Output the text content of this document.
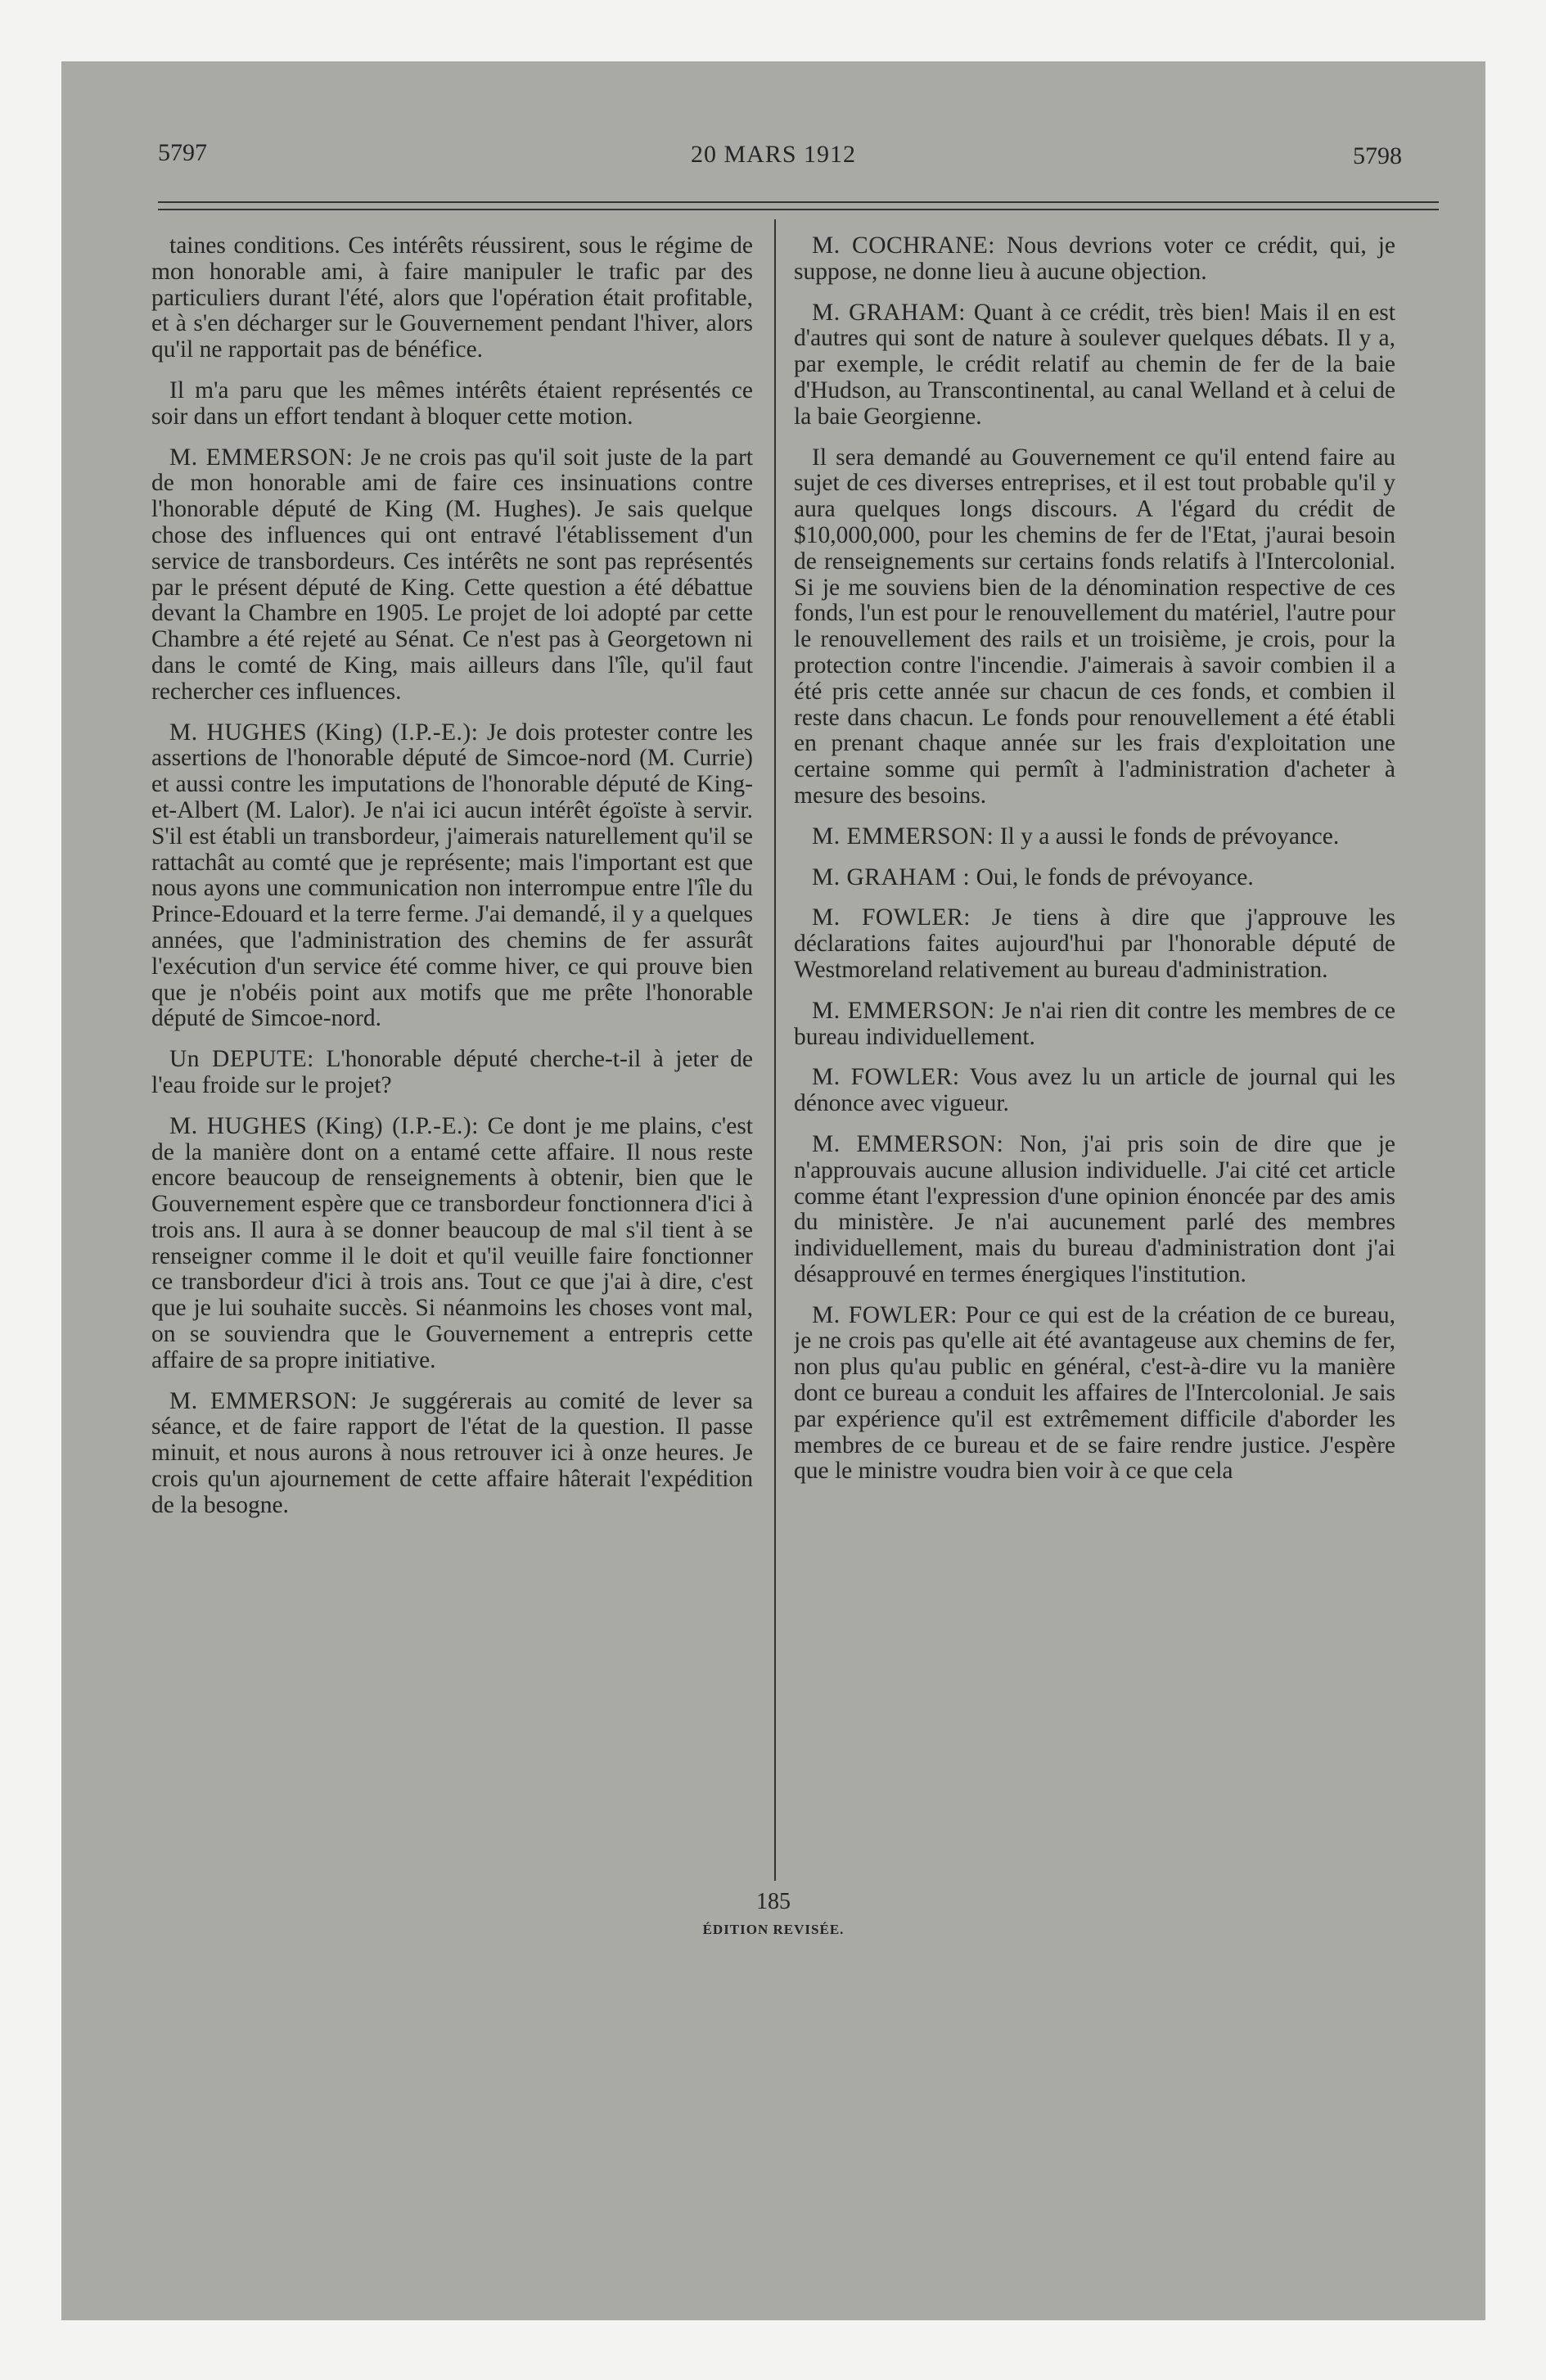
5797	20 MARS 1912	5798

taines conditions. Ces intérêts réussirent, sous le régime de mon honorable ami, à faire manipuler le trafic par des particuliers durant l'été, alors que l'opération était profitable, et à s'en décharger sur le Gouvernement pendant l'hiver, alors qu'il ne rapportait pas de bénéfice.

Il m'a paru que les mêmes intérêts étaient représentés ce soir dans un effort tendant à bloquer cette motion.

M. EMMERSON: Je ne crois pas qu'il soit juste de la part de mon honorable ami de faire ces insinuations contre l'honorable député de King (M. Hughes). Je sais quelque chose des influences qui ont entravé l'établissement d'un service de transbordeurs. Ces intérêts ne sont pas représentés par le présent député de King. Cette question a été débattue devant la Chambre en 1905. Le projet de loi adopté par cette Chambre a été rejeté au Sénat. Ce n'est pas à Georgetown ni dans le comté de King, mais ailleurs dans l'île, qu'il faut rechercher ces influences.

M. HUGHES (King) (I.P.-E.): Je dois protester contre les assertions de l'honorable député de Simcoe-nord (M. Currie) et aussi contre les imputations de l'honorable député de King-et-Albert (M. Lalor). Je n'ai ici aucun intérêt égoïste à servir. S'il est établi un transbordeur, j'aimerais naturellement qu'il se rattachât au comté que je représente; mais l'important est que nous ayons une communication non interrompue entre l'île du Prince-Edouard et la terre ferme. J'ai demandé, il y a quelques années, que l'administration des chemins de fer assurât l'exécution d'un service été comme hiver, ce qui prouve bien que je n'obéis point aux motifs que me prête l'honorable député de Simcoe-nord.

Un DEPUTE: L'honorable député cherche-t-il à jeter de l'eau froide sur le projet?

M. HUGHES (King) (I.P.-E.): Ce dont je me plains, c'est de la manière dont on a entamé cette affaire. Il nous reste encore beaucoup de renseignements à obtenir, bien que le Gouvernement espère que ce transbordeur fonctionnera d'ici à trois ans. Il aura à se donner beaucoup de mal s'il tient à se renseigner comme il le doit et qu'il veuille faire fonctionner ce transbordeur d'ici à trois ans. Tout ce que j'ai à dire, c'est que je lui souhaite succès. Si néanmoins les choses vont mal, on se souviendra que le Gouvernement a entrepris cette affaire de sa propre initiative.

M. EMMERSON: Je suggérerais au comité de lever sa séance, et de faire rapport de l'état de la question. Il passe minuit, et nous aurons à nous retrouver ici à onze heures. Je crois qu'un ajournement de cette affaire hâterait l'expédition de la besogne.

M. COCHRANE: Nous devrions voter ce crédit, qui, je suppose, ne donne lieu à aucune objection.

M. GRAHAM: Quant à ce crédit, très bien! Mais il en est d'autres qui sont de nature à soulever quelques débats. Il y a, par exemple, le crédit relatif au chemin de fer de la baie d'Hudson, au Transcontinental, au canal Welland et à celui de la baie Georgienne.

Il sera demandé au Gouvernement ce qu'il entend faire au sujet de ces diverses entreprises, et il est tout probable qu'il y aura quelques longs discours. A l'égard du crédit de $10,000,000, pour les chemins de fer de l'Etat, j'aurai besoin de renseignements sur certains fonds relatifs à l'Intercolonial. Si je me souviens bien de la dénomination respective de ces fonds, l'un est pour le renouvellement du matériel, l'autre pour le renouvellement des rails et un troisième, je crois, pour la protection contre l'incendie. J'aimerais à savoir combien il a été pris cette année sur chacun de ces fonds, et combien il reste dans chacun. Le fonds pour renouvellement a été établi en prenant chaque année sur les frais d'exploitation une certaine somme qui permît à l'administration d'acheter à mesure des besoins.

M. EMMERSON: Il y a aussi le fonds de prévoyance.

M. GRAHAM : Oui, le fonds de prévoyance.

M. FOWLER: Je tiens à dire que j'approuve les déclarations faites aujourd'hui par l'honorable député de Westmoreland relativement au bureau d'administration.

M. EMMERSON: Je n'ai rien dit contre les membres de ce bureau individuellement.

M. FOWLER: Vous avez lu un article de journal qui les dénonce avec vigueur.

M. EMMERSON: Non, j'ai pris soin de dire que je n'approuvais aucune allusion individuelle. J'ai cité cet article comme étant l'expression d'une opinion énoncée par des amis du ministère. Je n'ai aucunement parlé des membres individuellement, mais du bureau d'administration dont j'ai désapprouvé en termes énergiques l'institution.

M. FOWLER: Pour ce qui est de la création de ce bureau, je ne crois pas qu'elle ait été avantageuse aux chemins de fer, non plus qu'au public en général, c'est-à-dire vu la manière dont ce bureau a conduit les affaires de l'Intercolonial. Je sais par expérience qu'il est extrêmement difficile d'aborder les membres de ce bureau et de se faire rendre justice. J'espère que le ministre voudra bien voir à ce que cela

185
ÉDITION REVISÉE.
